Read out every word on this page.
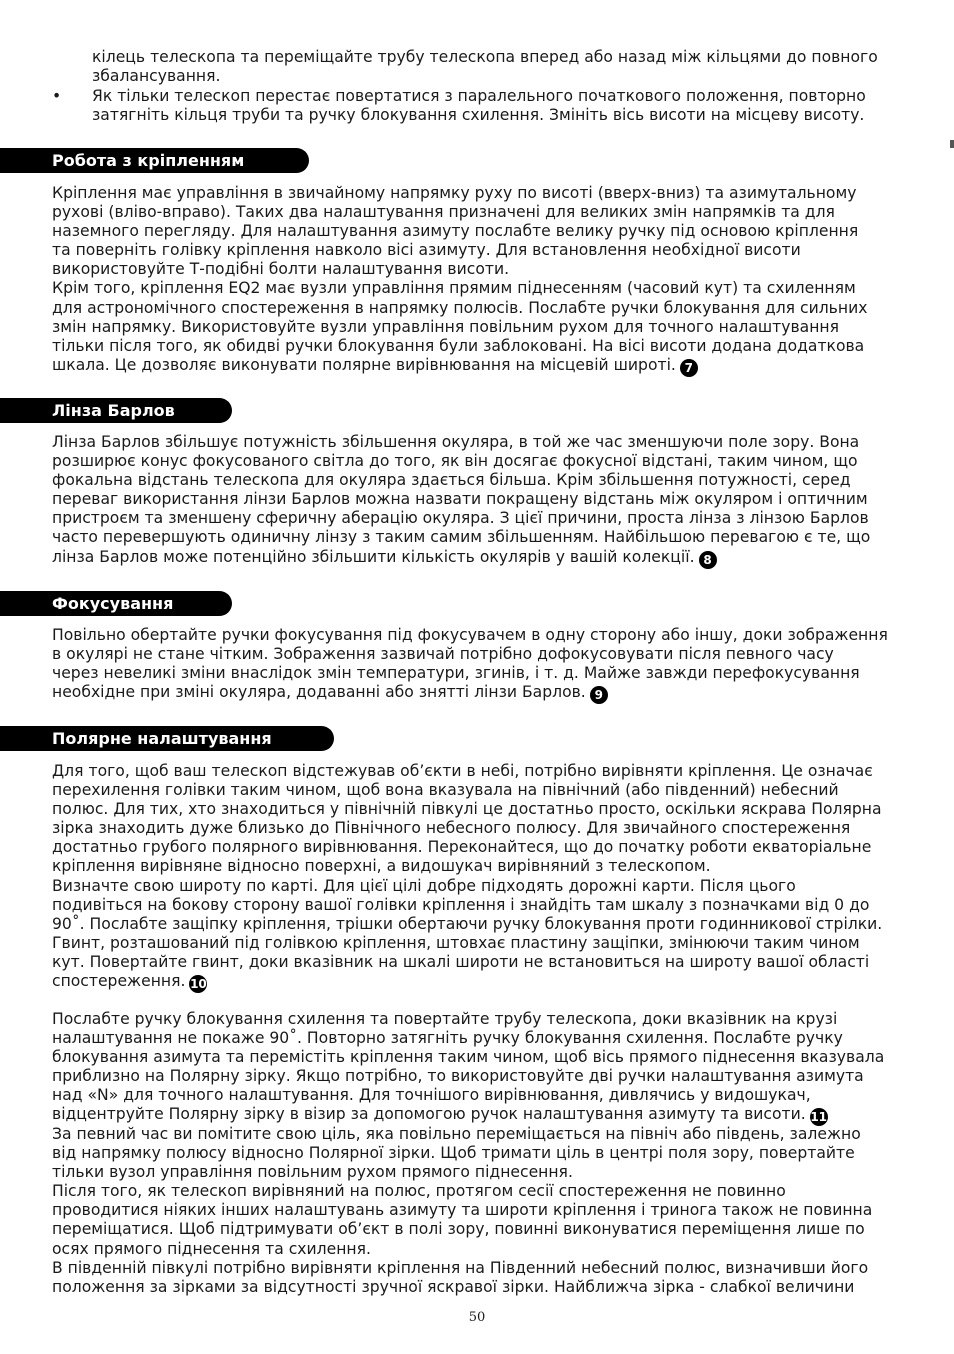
кілець телескопа та переміщайте трубу телескопа вперед або назад між кільцями до повного
збалансування.
•	Як тільки телескоп перестає повертатися з паралельного початкового положення, повторно
затягніть кільця труби та ручку блокування схилення. Змініть вісь висоти на місцеву висоту.
Робота з кріпленням
Кріплення має управління в звичайному напрямку руху по висоті (вверх-вниз) та азимутальному
рухові (вліво-вправо). Таких два налаштування призначені для великих змін напрямків та для
наземного перегляду. Для налаштування азимуту послабте велику ручку під основою кріплення
та поверніть голівку кріплення навколо вісі азимуту. Для встановлення необхідної висоти
використовуйте Т-подібні болти налаштування висоти.
Крім того, кріплення EQ2 має вузли управління прямим піднесенням (часовий кут) та схиленням
для астрономічного спостереження в напрямку полюсів. Послабте ручки блокування для сильних
змін напрямку. Використовуйте вузли управління повільним рухом для точного налаштування
тільки після того, як обидві ручки блокування були заблоковані. На вісі висоти додана додаткова
шкала. Це дозволяє виконувати полярне вирівнювання на місцевій широті. 7
Лінза Барлов
Лінза Барлов збільшує потужність збільшення окуляра, в той же час зменшуючи поле зору. Вона
розширює конус фокусованого світла до того, як він досягає фокусної відстані, таким чином, що
фокальна відстань телескопа для окуляра здається більша. Крім збільшення потужності, серед
переваг використання лінзи Барлов можна назвати покращену відстань між окуляром і оптичним
пристроєм та зменшену сферичну аберацію окуляра. З цієї причини, проста лінза з лінзою Барлов
часто перевершують одиничну лінзу з таким самим збільшенням. Найбільшою перевагою є те, що
лінза Барлов може потенційно збільшити кількість окулярів у вашій колекції. 8
Фокусування
Повільно обертайте ручки фокусування під фокусувачем в одну сторону або іншу, доки зображення
в окулярі не стане чітким. Зображення зазвичай потрібно дофокусовувати після певного часу
через невеликі зміни внаслідок змін температури, згинів, і т. д. Майже завжди перефокусування
необхідне при зміні окуляра, додаванні або знятті лінзи Барлов. 9
Полярне налаштування
Для того, щоб ваш телескоп відстежував об’єкти в небі, потрібно вирівняти кріплення. Це означає
перехилення голівки таким чином, щоб вона вказувала на північний (або південний) небесний
полюс. Для тих, хто знаходиться у північній півкулі це достатньо просто, оскільки яскрава Полярна
зірка знаходить дуже близько до Північного небесного полюсу. Для звичайного спостереження
достатньо грубого полярного вирівнювання. Переконайтеся, що до початку роботи екваторіальне
кріплення вирівняне відносно поверхні, а видошукач вирівняний з телескопом.
Визначте свою широту по карті. Для цієї цілі добре підходять дорожні карти. Після цього
подивіться на бокову сторону вашої голівки кріплення і знайдіть там шкалу з позначками від 0 до
90˚. Послабте защіпку кріплення, трішки обертаючи ручку блокування проти годинникової стрілки.
Гвинт, розташований під голівкою кріплення, штовхає пластину защіпки, змінюючи таким чином
кут. Повертайте гвинт, доки вказівник на шкалі широти не встановиться на широту вашої області
спостереження. 10
Послабте ручку блокування схилення та повертайте трубу телескопа, доки вказівник на крузі
налаштування не покаже 90˚. Повторно затягніть ручку блокування схилення. Послабте ручку
блокування азимута та перемістіть кріплення таким чином, щоб вісь прямого піднесення вказувала
приблизно на Полярну зірку. Якщо потрібно, то використовуйте дві ручки налаштування азимута
над «N» для точного налаштування. Для точнішого вирівнювання, дивлячись у видошукач,
відцентруйте Полярну зірку в візир за допомогою ручок налаштування азимуту та висоти. 11
За певний час ви помітите свою ціль, яка повільно переміщається на північ або південь, залежно
від напрямку полюсу відносно Полярної зірки. Щоб тримати ціль в центрі поля зору, повертайте
тільки вузол управління повільним рухом прямого піднесення.
Після того, як телескоп вирівняний на полюс, протягом сесії спостереження не повинно
проводитися ніяких інших налаштувань азимуту та широти кріплення і тринога також не повинна
переміщатися. Щоб підтримувати об’єкт в полі зору, повинні виконуватися переміщення лише по
осях прямого піднесення та схилення.
В південній півкулі потрібно вирівняти кріплення на Південний небесний полюс, визначивши його
положення за зірками за відсутності зручної яскравої зірки. Найближча зірка - слабкої величини
50
